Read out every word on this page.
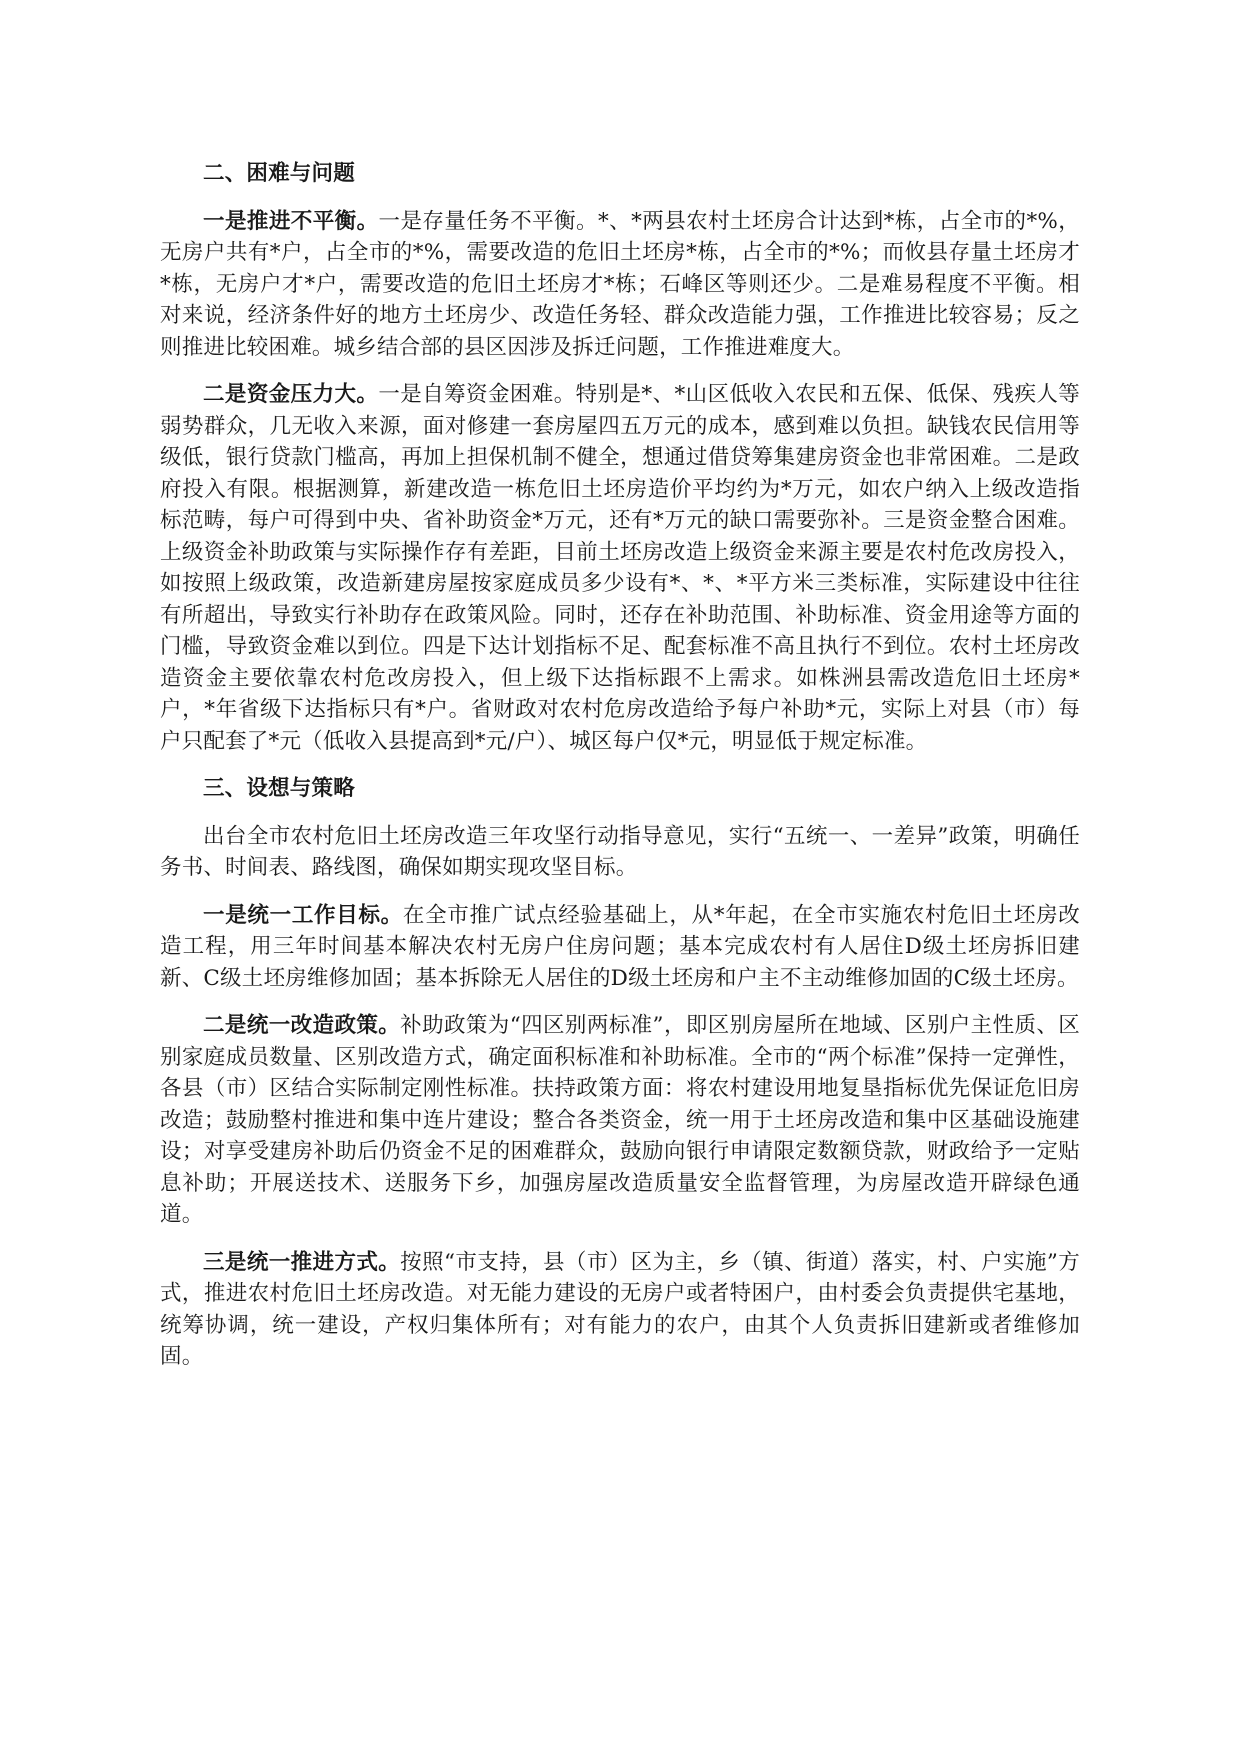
二、困难与问题

一是推进不平衡。一是存量任务不平衡。*、*两县农村土坯房合计达到*栋，占全市的*%，无房户共有*户，占全市的*%，需要改造的危旧土坯房*栋，占全市的*%；而攸县存量土坯房才*栋，无房户才*户，需要改造的危旧土坯房才*栋；石峰区等则还少。二是难易程度不平衡。相对来说，经济条件好的地方土坯房少、改造任务轻、群众改造能力强，工作推进比较容易；反之则推进比较困难。城乡结合部的县区因涉及拆迁问题，工作推进难度大。

二是资金压力大。一是自筹资金困难。特别是*、*山区低收入农民和五保、低保、残疾人等弱势群众，几无收入来源，面对修建一套房屋四五万元的成本，感到难以负担。缺钱农民信用等级低，银行贷款门槛高，再加上担保机制不健全，想通过借贷筹集建房资金也非常困难。二是政府投入有限。根据测算，新建改造一栋危旧土坯房造价平均约为*万元，如农户纳入上级改造指标范畴，每户可得到中央、省补助资金*万元，还有*万元的缺口需要弥补。三是资金整合困难。上级资金补助政策与实际操作存有差距，目前土坯房改造上级资金来源主要是农村危改房投入，如按照上级政策，改造新建房屋按家庭成员多少设有*、*、*平方米三类标准，实际建设中往往有所超出，导致实行补助存在政策风险。同时，还存在补助范围、补助标准、资金用途等方面的门槛，导致资金难以到位。四是下达计划指标不足、配套标准不高且执行不到位。农村土坯房改造资金主要依靠农村危改房投入，但上级下达指标跟不上需求。如株洲县需改造危旧土坯房*户，*年省级下达指标只有*户。省财政对农村危房改造给予每户补助*元，实际上对县（市）每户只配套了*元（低收入县提高到*元/户）、城区每户仅*元，明显低于规定标准。

三、设想与策略

出台全市农村危旧土坯房改造三年攻坚行动指导意见，实行“五统一、一差异”政策，明确任务书、时间表、路线图，确保如期实现攻坚目标。

一是统一工作目标。在全市推广试点经验基础上，从*年起，在全市实施农村危旧土坯房改造工程，用三年时间基本解决农村无房户住房问题；基本完成农村有人居住D级土坯房拆旧建新、C级土坯房维修加固；基本拆除无人居住的D级土坯房和户主不主动维修加固的C级土坯房。

二是统一改造政策。补助政策为“四区别两标准”，即区别房屋所在地域、区别户主性质、区别家庭成员数量、区别改造方式，确定面积标准和补助标准。全市的“两个标准”保持一定弹性，各县（市）区结合实际制定刚性标准。扶持政策方面：将农村建设用地复垦指标优先保证危旧房改造；鼓励整村推进和集中连片建设；整合各类资金，统一用于土坯房改造和集中区基础设施建设；对享受建房补助后仍资金不足的困难群众，鼓励向银行申请限定数额贷款，财政给予一定贴息补助；开展送技术、送服务下乡，加强房屋改造质量安全监督管理，为房屋改造开辟绿色通道。

三是统一推进方式。按照“市支持，县（市）区为主，乡（镇、街道）落实，村、户实施”方式，推进农村危旧土坯房改造。对无能力建设的无房户或者特困户，由村委会负责提供宅基地，统筹协调，统一建设，产权归集体所有；对有能力的农户，由其个人负责拆旧建新或者维修加固。
